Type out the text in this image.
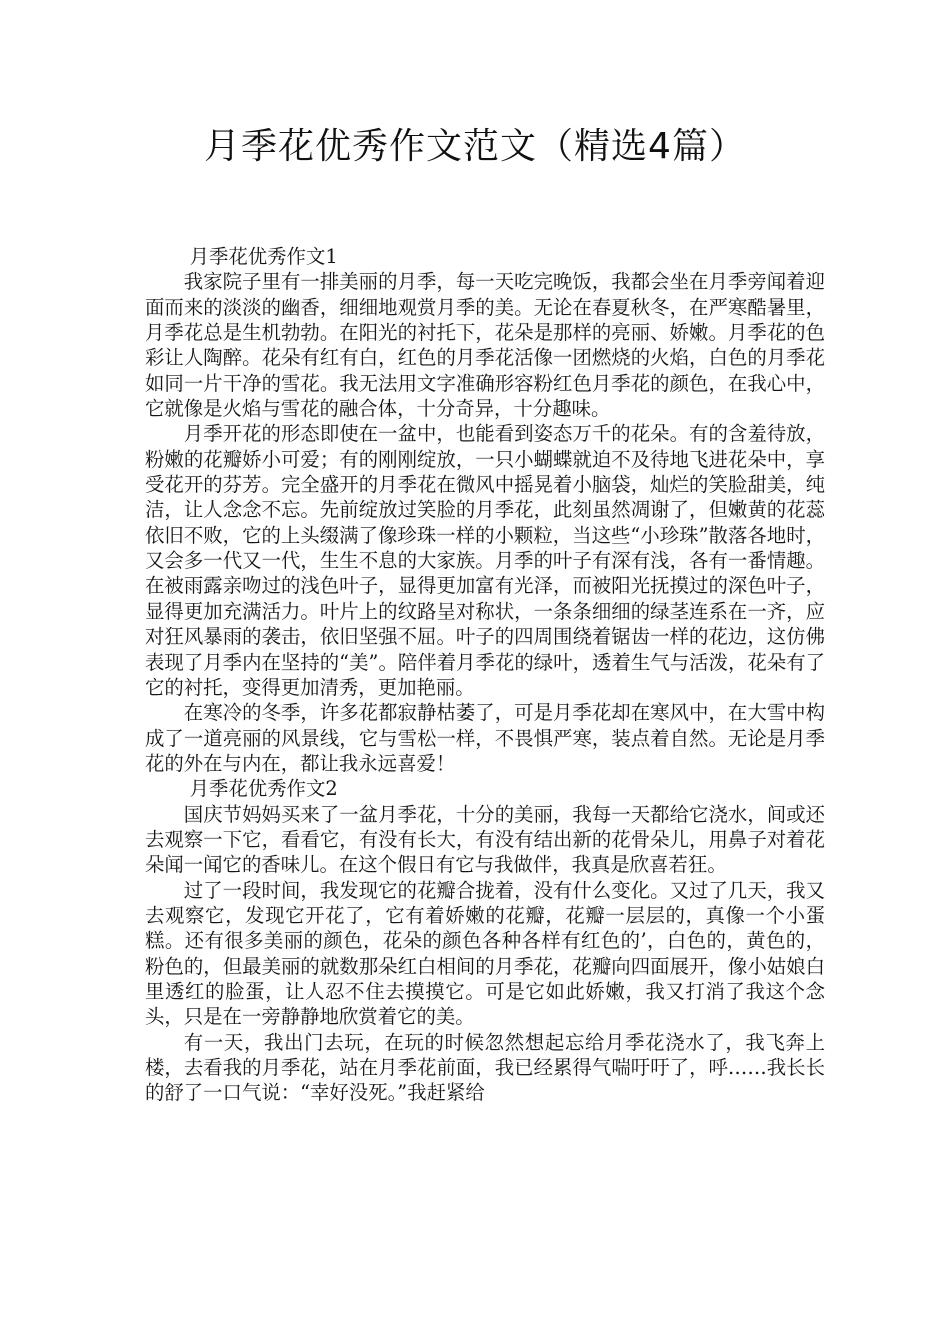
月季花优秀作文范文（精选4篇）

月季花优秀作文1

我家院子里有一排美丽的月季，每一天吃完晚饭，我都会坐在月季旁闻着迎面而来的淡淡的幽香，细细地观赏月季的美。无论在春夏秋冬，在严寒酷暑里，月季花总是生机勃勃。在阳光的衬托下，花朵是那样的亮丽、娇嫩。月季花的色彩让人陶醉。花朵有红有白，红色的月季花活像一团燃烧的火焰，白色的月季花如同一片干净的雪花。我无法用文字准确形容粉红色月季花的颜色，在我心中，它就像是火焰与雪花的融合体，十分奇异，十分趣味。

月季开花的形态即使在一盆中，也能看到姿态万千的花朵。有的含羞待放，粉嫩的花瓣娇小可爱；有的刚刚绽放，一只小蝴蝶就迫不及待地飞进花朵中，享受花开的芬芳。完全盛开的月季花在微风中摇晃着小脑袋，灿烂的笑脸甜美，纯洁，让人念念不忘。先前绽放过笑脸的月季花，此刻虽然凋谢了，但嫩黄的花蕊依旧不败，它的上头缀满了像珍珠一样的小颗粒，当这些“小珍珠”散落各地时，又会多一代又一代，生生不息的大家族。月季的叶子有深有浅，各有一番情趣。在被雨露亲吻过的浅色叶子，显得更加富有光泽，而被阳光抚摸过的深色叶子，显得更加充满活力。叶片上的纹路呈对称状，一条条细细的绿茎连系在一齐，应对狂风暴雨的袭击，依旧坚强不屈。叶子的四周围绕着锯齿一样的花边，这仿佛表现了月季内在坚持的“美”。陪伴着月季花的绿叶，透着生气与活泼，花朵有了它的衬托，变得更加清秀，更加艳丽。

在寒冷的冬季，许多花都寂静枯萎了，可是月季花却在寒风中，在大雪中构成了一道亮丽的风景线，它与雪松一样，不畏惧严寒，装点着自然。无论是月季花的外在与内在，都让我永远喜爱！

月季花优秀作文2

国庆节妈妈买来了一盆月季花，十分的美丽，我每一天都给它浇水，间或还去观察一下它，看看它，有没有长大，有没有结出新的花骨朵儿，用鼻子对着花朵闻一闻它的香味儿。在这个假日有它与我做伴，我真是欣喜若狂。

过了一段时间，我发现它的花瓣合拢着，没有什么变化。又过了几天，我又去观察它，发现它开花了，它有着娇嫩的花瓣，花瓣一层层的，真像一个小蛋糕。还有很多美丽的颜色，花朵的颜色各种各样有红色的’，白色的，黄色的，粉色的，但最美丽的就数那朵红白相间的月季花，花瓣向四面展开，像小姑娘白里透红的脸蛋，让人忍不住去摸摸它。可是它如此娇嫩，我又打消了我这个念头，只是在一旁静静地欣赏着它的美。

有一天，我出门去玩，在玩的时候忽然想起忘给月季花浇水了，我飞奔上楼，去看我的月季花，站在月季花前面，我已经累得气喘吁吁了，呼……我长长的舒了一口气说：“幸好没死。”我赶紧给
